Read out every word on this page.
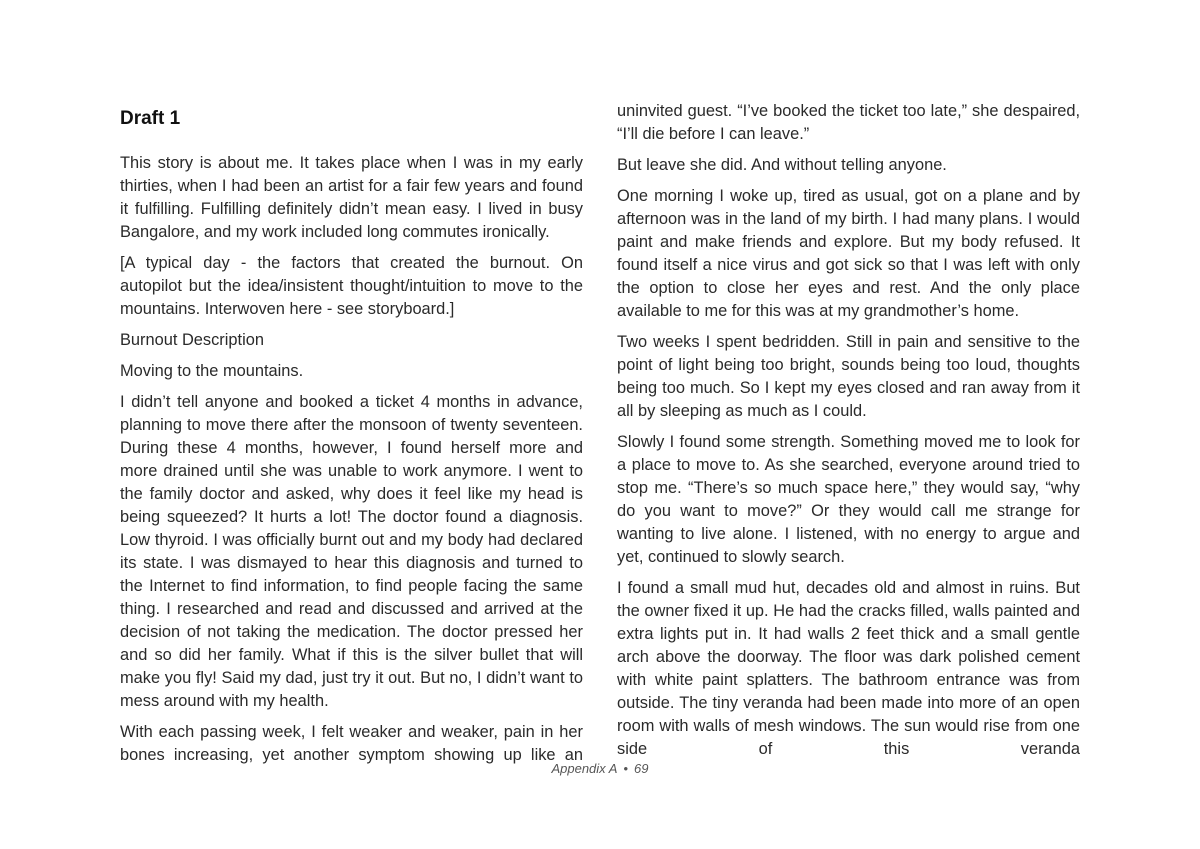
Draft 1

This story is about me. It takes place when I was in my early thirties, when I had been an artist for a fair few years and found it fulfilling. Fulfilling definitely didn’t mean easy. I lived in busy Bangalore, and my work included long commutes ironically.

[A typical day - the factors that created the burnout. On autopilot but the idea/insistent thought/intuition to move to the mountains. Interwoven here - see storyboard.]

Burnout Description

Moving to the mountains.

I didn’t tell anyone and booked a ticket 4 months in advance, planning to move there after the monsoon of twenty seventeen. During these 4 months, however, I found herself more and more drained until she was unable to work anymore. I went to the family doctor and asked, why does it feel like my head is being squeezed? It hurts a lot! The doctor found a diagnosis. Low thyroid. I was officially burnt out and my body had declared its state. I was dismayed to hear this diagnosis and turned to the Internet to find information, to find people facing the same thing. I researched and read and discussed and arrived at the decision of not taking the medication. The doctor pressed her and so did her family. What if this is the silver bullet that will make you fly! Said my dad, just try it out. But no, I didn’t want to mess around with my health.

With each passing week, I felt weaker and weaker, pain in her bones increasing, yet another symptom showing up like an

uninvited guest. “I’ve booked the ticket too late,” she despaired, “I’ll die before I can leave.”

But leave she did. And without telling anyone.

One morning I woke up, tired as usual, got on a plane and by afternoon was in the land of my birth. I had many plans. I would paint and make friends and explore. But my body refused. It found itself a nice virus and got sick so that I was left with only the option to close her eyes and rest. And the only place available to me for this was at my grandmother’s home.

Two weeks I spent bedridden. Still in pain and sensitive to the point of light being too bright, sounds being too loud, thoughts being too much. So I kept my eyes closed and ran away from it all by sleeping as much as I could.

Slowly I found some strength. Something moved me to look for a place to move to. As she searched, everyone around tried to stop me. “There’s so much space here,” they would say, “why do you want to move?” Or they would call me strange for wanting to live alone. I listened, with no energy to argue and yet, continued to slowly search.

I found a small mud hut, decades old and almost in ruins. But the owner fixed it up. He had the cracks filled, walls painted and extra lights put in. It had walls 2 feet thick and a small gentle arch above the doorway. The floor was dark polished cement with white paint splatters. The bathroom entrance was from outside. The tiny veranda had been made into more of an open room with walls of mesh windows. The sun would rise from one side of this veranda

Appendix A • 69
